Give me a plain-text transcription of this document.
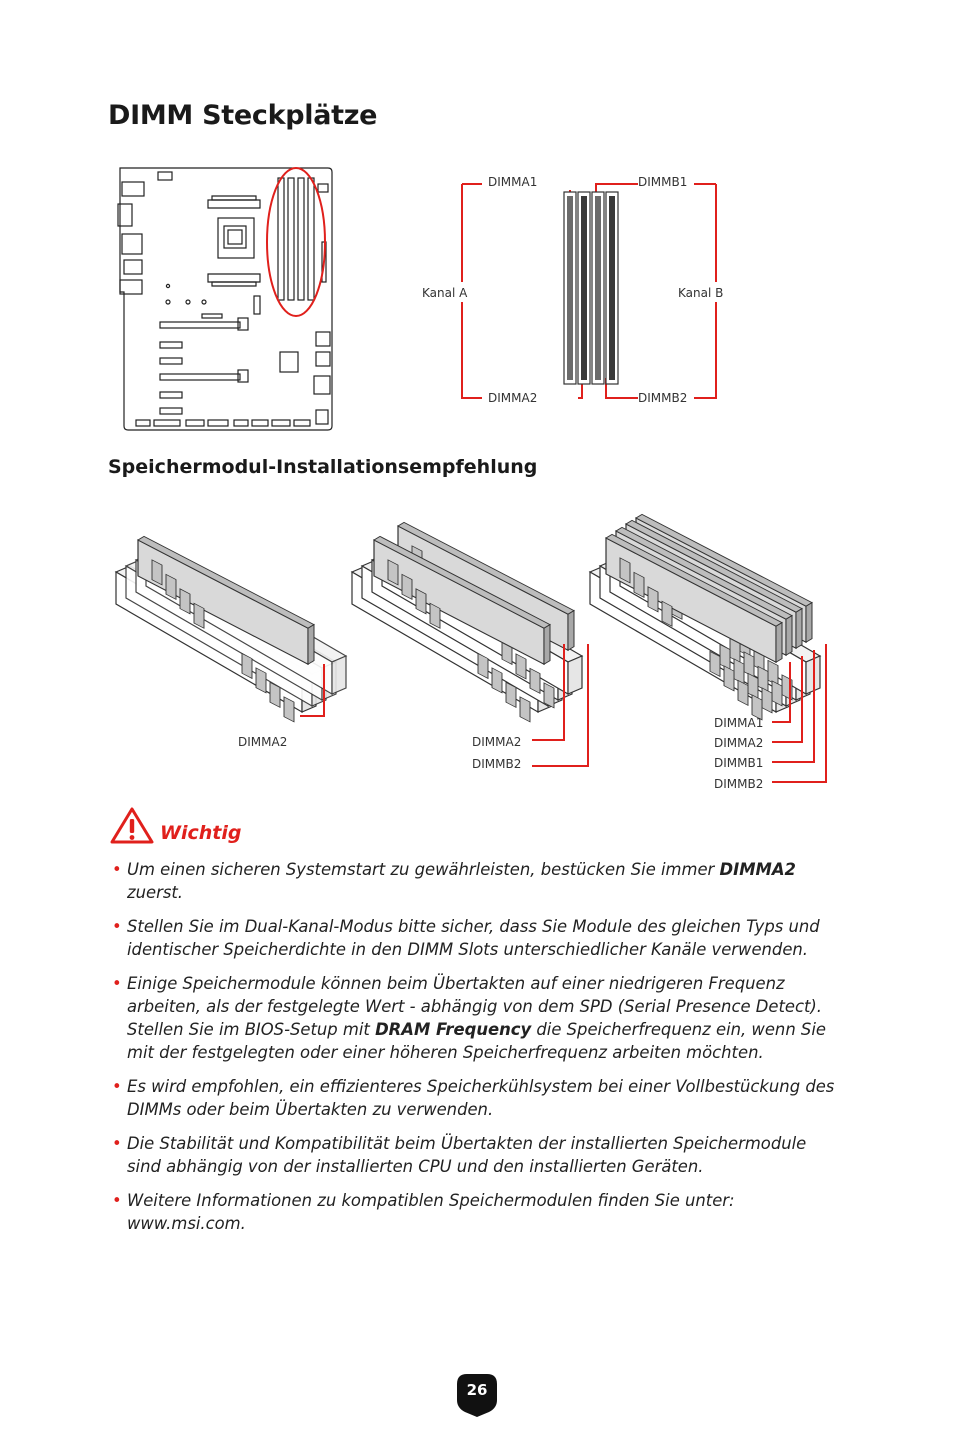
DIMM Steckplätze
DIMMA1	DIMMB1
Kanal A	Kanal B
DIMMA2	DIMMB2
Speichermodul-Installationsempfehlung
DIMMA2	DIMMA2
DIMMB2
DIMMA1
DIMMA2
DIMMB1
DIMMB2
Wichtig
• Um einen sicheren Systemstart zu gewährleisten, bestücken Sie immer DIMMA2 zuerst.
• Stellen Sie im Dual-Kanal-Modus bitte sicher, dass Sie Module des gleichen Typs und identischer Speicherdichte in den DIMM Slots unterschiedlicher Kanäle verwenden.
• Einige Speichermodule können beim Übertakten auf einer niedrigeren Frequenz arbeiten, als der festgelegte Wert - abhängig von dem SPD (Serial Presence Detect). Stellen Sie im BIOS-Setup mit DRAM Frequency die Speicherfrequenz ein, wenn Sie mit der festgelegten oder einer höheren Speicherfrequenz arbeiten möchten.
• Es wird empfohlen, ein effizienteres Speicherkühlsystem bei einer Vollbestückung des DIMMs oder beim Übertakten zu verwenden.
• Die Stabilität und Kompatibilität beim Übertakten der installierten Speichermodule sind abhängig von der installierten CPU und den installierten Geräten.
• Weitere Informationen zu kompatiblen Speichermodulen finden Sie unter: www.msi.com.
26
